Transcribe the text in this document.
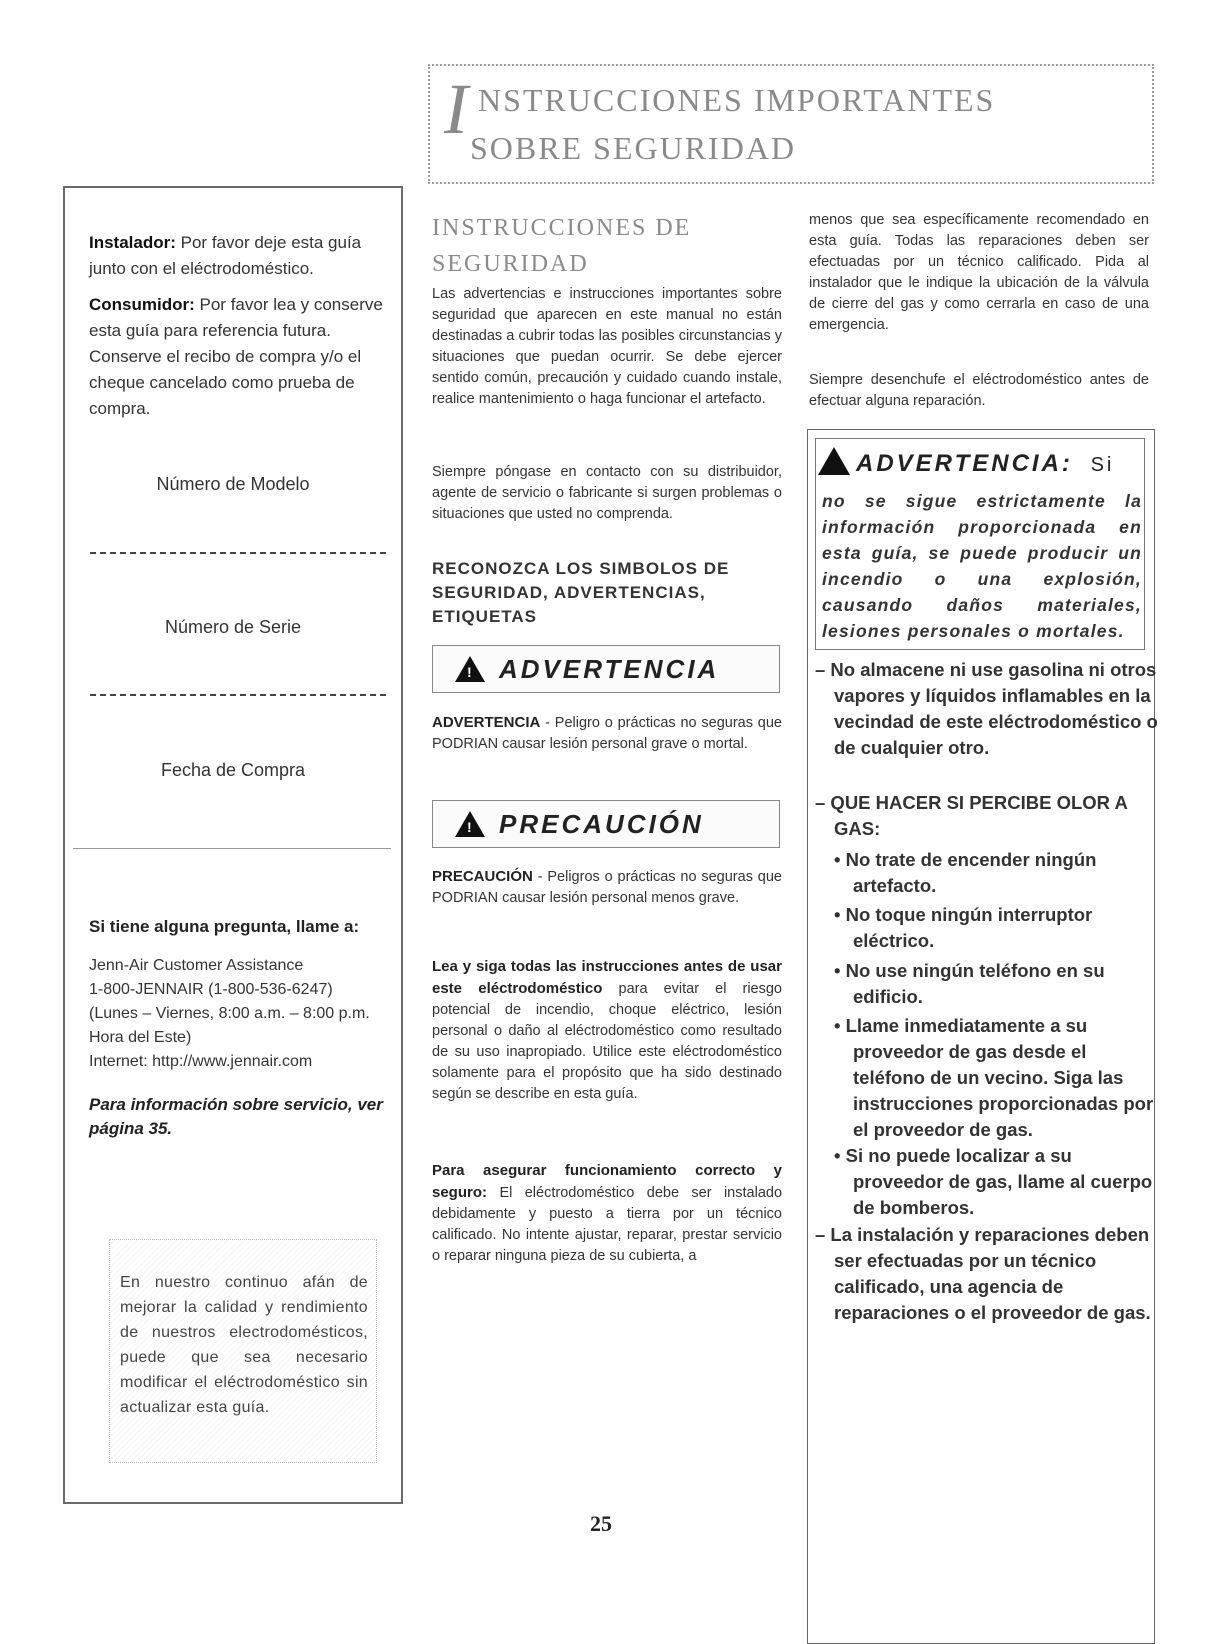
I NSTRUCCIONES IMPORTANTES
SOBRE SEGURIDAD
Instalador: Por favor deje esta guía junto con el eléctrodoméstico.
Consumidor: Por favor lea y conserve esta guía para referencia futura. Conserve el recibo de compra y/o el cheque cancelado como prueba de compra.
Número de Modelo
Número de Serie
Fecha de Compra
Si tiene alguna pregunta, llame a:
Jenn-Air Customer Assistance
1-800-JENNAIR (1-800-536-6247)
(Lunes – Viernes, 8:00 a.m. – 8:00 p.m.
Hora del Este)
Internet: http://www.jennair.com
Para información sobre servicio, ver página 35.
En nuestro continuo afán de mejorar la calidad y rendimiento de nuestros electrodomésticos, puede que sea necesario modificar el eléctrodoméstico sin actualizar esta guía.
INSTRUCCIONES DE
SEGURIDAD
Las advertencias e instrucciones importantes sobre seguridad que aparecen en este manual no están destinadas a cubrir todas las posibles circunstancias y situaciones que puedan ocurrir. Se debe ejercer sentido común, precaución y cuidado cuando instale, realice mantenimiento o haga funcionar el artefacto.
Siempre póngase en contacto con su distribuidor, agente de servicio o fabricante si surgen problemas o situaciones que usted no comprenda.
RECONOZCA LOS SIMBOLOS DE SEGURIDAD, ADVERTENCIAS, ETIQUETAS
!
ADVERTENCIA
ADVERTENCIA - Peligro o prácticas no seguras que PODRIAN causar lesión personal grave o mortal.
!
PRECAUCIÓN
PRECAUCIÓN - Peligros o prácticas no seguras que PODRIAN causar lesión personal menos grave.
Lea y siga todas las instrucciones antes de usar este eléctrodoméstico para evitar el riesgo potencial de incendio, choque eléctrico, lesión personal o daño al eléctrodoméstico como resultado de su uso inapropiado. Utilice este eléctrodoméstico solamente para el propósito que ha sido destinado según se describe en esta guía.
Para asegurar funcionamiento correcto y seguro: El eléctrodoméstico debe ser instalado debidamente y puesto a tierra por un técnico calificado. No intente ajustar, reparar, prestar servicio o reparar ninguna pieza de su cubierta, a
menos que sea específicamente recomendado en esta guía. Todas las reparaciones deben ser efectuadas por un técnico calificado. Pida al instalador que le indique la ubicación de la válvula de cierre del gas y como cerrarla en caso de una emergencia.
Siempre desenchufe el eléctrodoméstico antes de efectuar alguna reparación.
ADVERTENCIA: Si
no se sigue estrictamente la información proporcionada en esta guía, se puede producir un incendio o una explosión, causando daños materiales, lesiones personales o mortales.
– No almacene ni use gasolina ni otros vapores y líquidos inflamables en la vecindad de este eléctrodoméstico o de cualquier otro.
– QUE HACER SI PERCIBE OLOR A GAS:
• No trate de encender ningún artefacto.
• No toque ningún interruptor eléctrico.
• No use ningún teléfono en su edificio.
• Llame inmediatamente a su proveedor de gas desde el teléfono de un vecino. Siga las instrucciones proporcionadas por el proveedor de gas.
• Si no puede localizar a su proveedor de gas, llame al cuerpo de bomberos.
– La instalación y reparaciones deben ser efectuadas por un técnico calificado, una agencia de reparaciones o el proveedor de gas.
25
